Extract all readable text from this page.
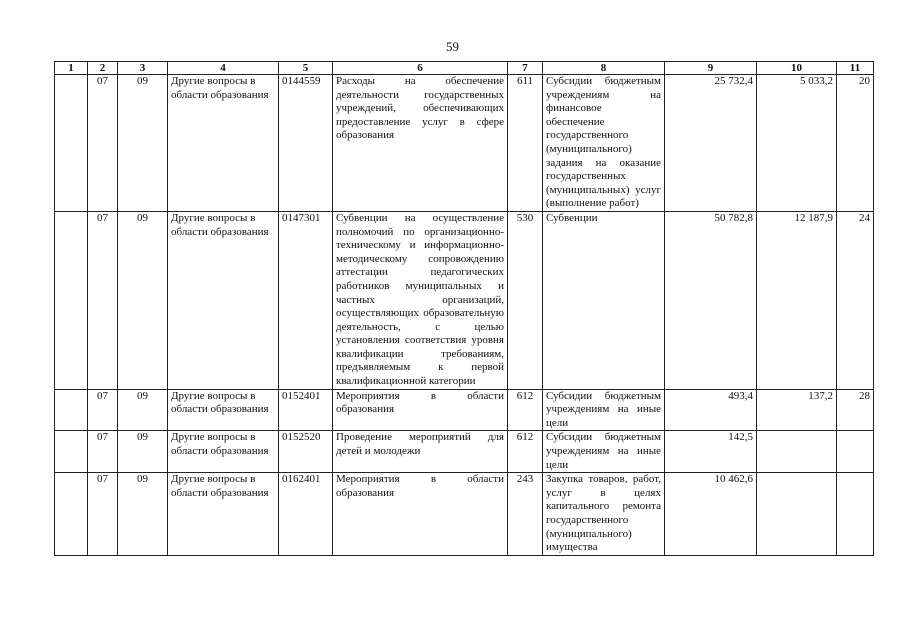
59
1	2	3	4	5	6	7	8	9	10	11
	07	09	Другие вопросы в области образования	0144559	Расходы на обеспечение деятельности государственных учреждений, обеспечивающих предоставление услуг в сфере образования	611	Субсидии бюджетным учреждениям на финансовое обеспечение государственного (муниципального) задания на оказание государственных (муниципальных) услуг (выполнение работ)	25 732,4	5 033,2	20
	07	09	Другие вопросы в области образования	0147301	Субвенции на осуществление полномочий по организационно-техническому и информационно-методическому сопровождению аттестации педагогических работников муниципальных и частных организаций, осуществляющих образовательную деятельность, с целью установления соответствия уровня квалификации требованиям, предъявляемым к первой квалификационной категории	530	Субвенции	50 782,8	12 187,9	24
	07	09	Другие вопросы в области образования	0152401	Мероприятия в области образования	612	Субсидии бюджетным учреждениям на иные цели	493,4	137,2	28
	07	09	Другие вопросы в области образования	0152520	Проведение мероприятий для детей и молодежи	612	Субсидии бюджетным учреждениям на иные цели	142,5		
	07	09	Другие вопросы в области образования	0162401	Мероприятия в области образования	243	Закупка товаров, работ, услуг в целях капитального ремонта государственного (муниципального) имущества	10 462,6		
